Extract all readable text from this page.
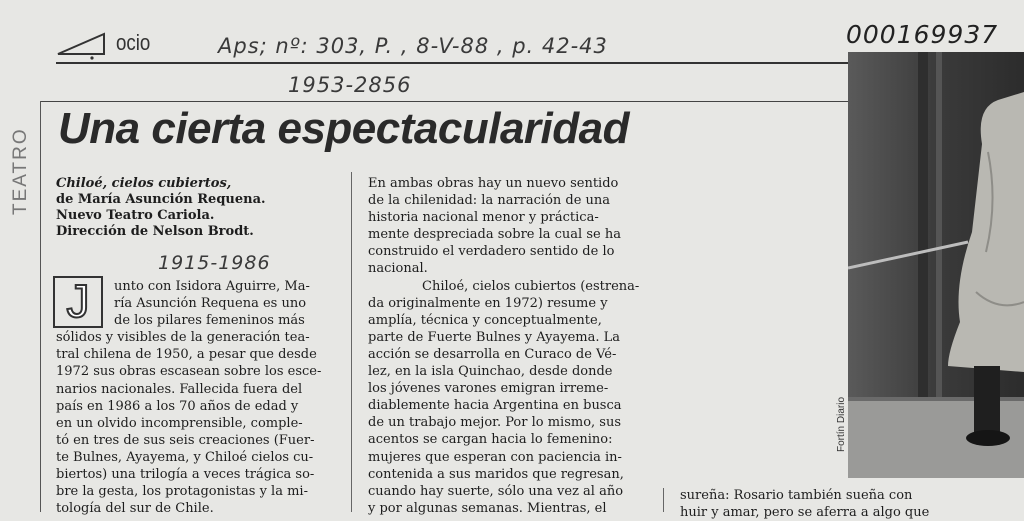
ocio	Aps; nº: 303, P. , 8-V-88 , p. 42-43	000169937
1953-2856
TEATRO Una cierta espectacularidad
Chiloé, cielos cubiertos,
de María Asunción Requena.
Nuevo Teatro Cariola.
Dirección de Nelson Brodt.
1915-1986
J	unto con Isidora Aguirre, Ma-
ría Asunción Requena es uno
de los pilares femeninos más
sólidos y visibles de la generación tea-
tral chilena de 1950, a pesar que desde
1972 sus obras escasean sobre los esce-
narios nacionales. Fallecida fuera del
país en 1986 a los 70 años de edad y
en un olvido incomprensible, comple-
tó en tres de sus seis creaciones (Fuer-
te Bulnes, Ayayema, y Chiloé cielos cu-
biertos) una trilogía a veces trágica so-
bre la gesta, los protagonistas y la mi-
tología del sur de Chile.
En ambas obras hay un nuevo sentido
de la chilenidad: la narración de una
historia nacional menor y prácticа-
mente despreciada sobre la cual se ha
construido el verdadero sentido de lo
nacional.
Chiloé, cielos cubiertos (estrena-
da originalmente en 1972) resume y
amplía, técnica y conceptualmente,
parte de Fuerte Bulnes y Ayayema. La
acción se desarrolla en Curaco de Vé-
lez, en la isla Quinchao, desde donde
los jóvenes varones emigran irreme-
diablemente hacia Argentina en busca
de un trabajo mejor. Por lo mismo, sus
acentos se cargan hacia lo femenino:
mujeres que esperan con paciencia in-
contenida a sus maridos que regresan,
cuando hay suerte, sólo una vez al año
y por algunas semanas. Mientras, el
sureña: Rosario también sueña con
huir y amar, pero se aferra a algo que
Fortín Diario
